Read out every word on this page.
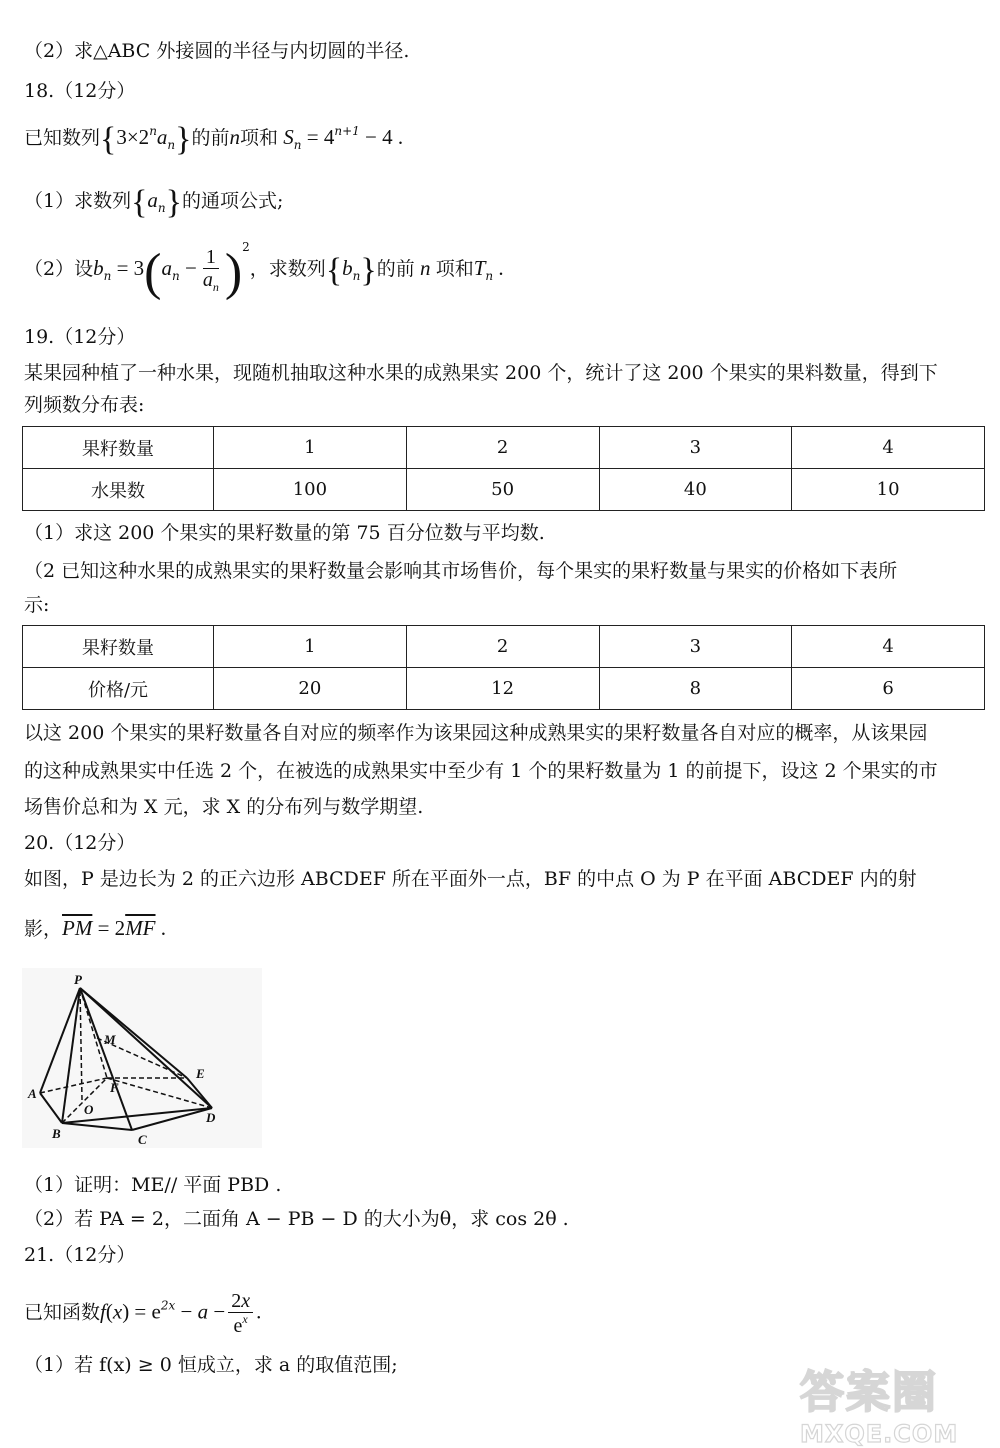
（2）求△ABC 外接圆的半径与内切圆的半径.
18.（12分）
已知数列$\{3\times 2^na_n\}$的前n项和 $S_n = 4^{n+1} - 4$ .
（1）求数列$\{a_n\}$的通项公式;
（2）设$b_n = 3(a_n - \frac{1}{a_n} )^2$，求数列$\{b_n\}$的前 n 项和$T_n$ .
19.（12分）
某果园种植了一种水果，现随机抽取这种水果的成熟果实 200 个，统计了这 200 个果实的果料数量，得到下
列频数分布表:
果籽数量	1	2	3	4
水果数	100	50	40	10
（1）求这 200 个果实的果籽数量的第 75 百分位数与平均数.
（2 已知这种水果的成熟果实的果籽数量会影响其市场售价，每个果实的果籽数量与果实的价格如下表所
示:
果籽数量	1	2	3	4
价格/元	20	12	8	6
以这 200 个果实的果籽数量各自对应的频率作为该果园这种成熟果实的果籽数量各自对应的概率，从该果园
的这种成熟果实中任选 2 个，在被选的成熟果实中至少有 1 个的果籽数量为 1 的前提下，设这 2 个果实的市
场售价总和为 X 元，求 X 的分布列与数学期望.
20.（12分）
如图，P 是边长为 2 的正六边形 ABCDEF 所在平面外一点，BF 的中点 O 为 P 在平面 ABCDEF 内的射
影，$\overline{PM} = 2\overline{MF}$ .
P
M
E
F
A
O
D
B	C
（1）证明：ME// 平面 PBD .
（2）若 PA = 2，二面角 A − PB − D 的大小为θ，求 cos 2θ .
21.（12分）
已知函数$f(x) = e^{2x} - a - \frac{2x}{e^x}$ .
（1）若 f(x) ≥ 0 恒成立，求 a 的取值范围;
答案圈
MXQE.COM
